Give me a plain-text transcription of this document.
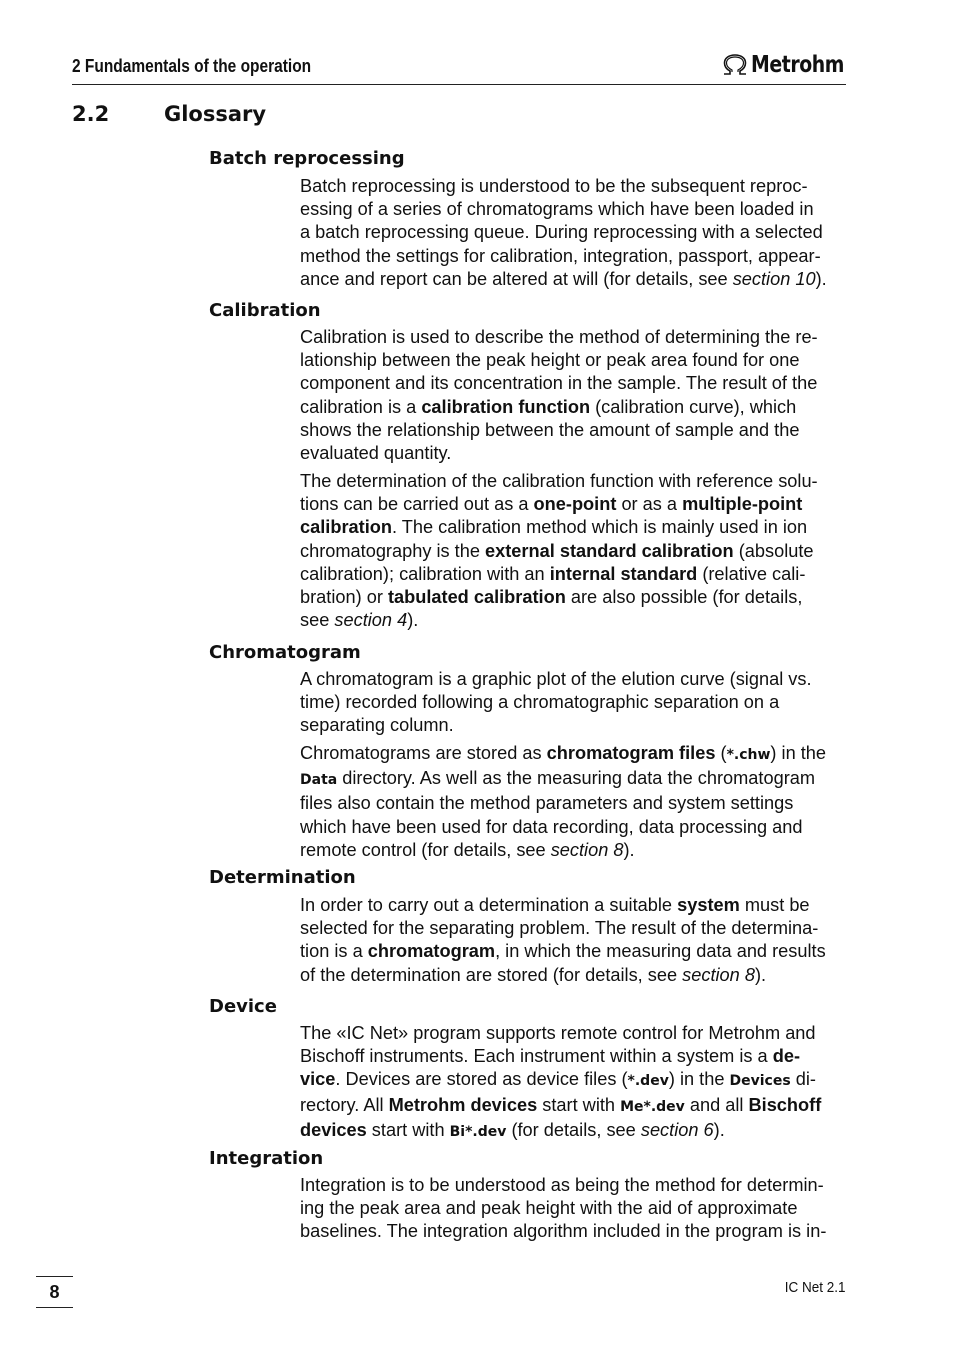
2 Fundamentals of the operation	Metrohm
2.2	Glossary
Batch reprocessing

Batch reprocessing is understood to be the subsequent reproc-
essing of a series of chromatograms which have been loaded in
a batch reprocessing queue. During reprocessing with a selected
method the settings for calibration, integration, passport, appear-
ance and report can be altered at will (for details, see section 10).

Calibration

Calibration is used to describe the method of determining the re-
lationship between the peak height or peak area found for one
component and its concentration in the sample. The result of the
calibration is a calibration function (calibration curve), which
shows the relationship between the amount of sample and the
evaluated quantity.

The determination of the calibration function with reference solu-
tions can be carried out as a one-point or as a multiple-point
calibration. The calibration method which is mainly used in ion
chromatography is the external standard calibration (absolute
calibration); calibration with an internal standard (relative cali-
bration) or tabulated calibration are also possible (for details,
see section 4).

Chromatogram

A chromatogram is a graphic plot of the elution curve (signal vs.
time) recorded following a chromatographic separation on a
separating column.

Chromatograms are stored as chromatogram files (*.chw) in the
Data directory. As well as the measuring data the chromatogram
files also contain the method parameters and system settings
which have been used for data recording, data processing and
remote control (for details, see section 8).

Determination

In order to carry out a determination a suitable system must be
selected for the separating problem. The result of the determina-
tion is a chromatogram, in which the measuring data and results
of the determination are stored (for details, see section 8).

Device

The «IC Net» program supports remote control for Metrohm and
Bischoff instruments. Each instrument within a system is a de-
vice. Devices are stored as device files (*.dev) in the Devices di-
rectory. All Metrohm devices start with Me*.dev and all Bischoff
devices start with Bi*.dev (for details, see section 6).

Integration

Integration is to be understood as being the method for determin-
ing the peak area and peak height with the aid of approximate
baselines. The integration algorithm included in the program is in-

8	IC Net 2.1
